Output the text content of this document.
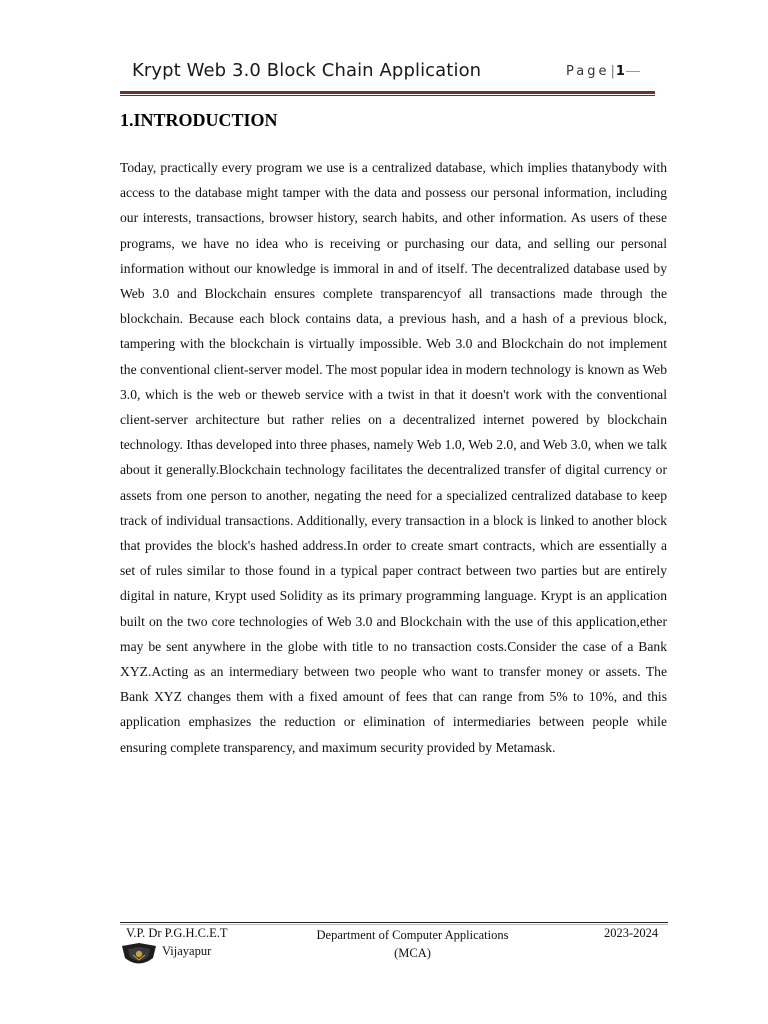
Krypt Web 3.0 Block Chain Application	Page|1
1.INTRODUCTION

Today, practically every program we use is a centralized database, which implies thatanybody with access to the database might tamper with the data and possess our personal information, including our interests, transactions, browser history, search habits, and other information. As users of these programs, we have no idea who is receiving or purchasing our data, and selling our personal information without our knowledge is immoral in and of itself. The decentralized database used by Web 3.0 and Blockchain ensures complete transparencyof all transactions made through the blockchain. Because each block contains data, a previous hash, and a hash of a previous block, tampering with the blockchain is virtually impossible. Web 3.0 and Blockchain do not implement the conventional client-server model. The most popular idea in modern technology is known as Web 3.0, which is the web or theweb service with a twist in that it doesn't work with the conventional client-server architecture but rather relies on a decentralized internet powered by blockchain technology. Ithas developed into three phases, namely Web 1.0, Web 2.0, and Web 3.0, when we talk about it generally.Blockchain technology facilitates the decentralized transfer of digital currency or assets from one person to another, negating the need for a specialized centralized database to keep track of individual transactions. Additionally, every transaction in a block is linked to another block that provides the block's hashed address.In order to create smart contracts, which are essentially a set of rules similar to those found in a typical paper contract between two parties but are entirely digital in nature, Krypt used Solidity as its primary programming language. Krypt is an application built on the two core technologies of Web 3.0 and Blockchain with the use of this application,ether may be sent anywhere in the globe with title to no transaction costs.Consider the case of a Bank XYZ.Acting as an intermediary between two people who want to transfer money or assets. The Bank XYZ changes them with a fixed amount of fees that can range from 5% to 10%, and this application emphasizes the reduction or elimination of intermediaries between people while ensuring complete transparency, and maximum security provided by Metamask.

V.P. Dr P.G.H.C.E.T
Vijayapur
Department of Computer Applications
(MCA)
2023-2024
